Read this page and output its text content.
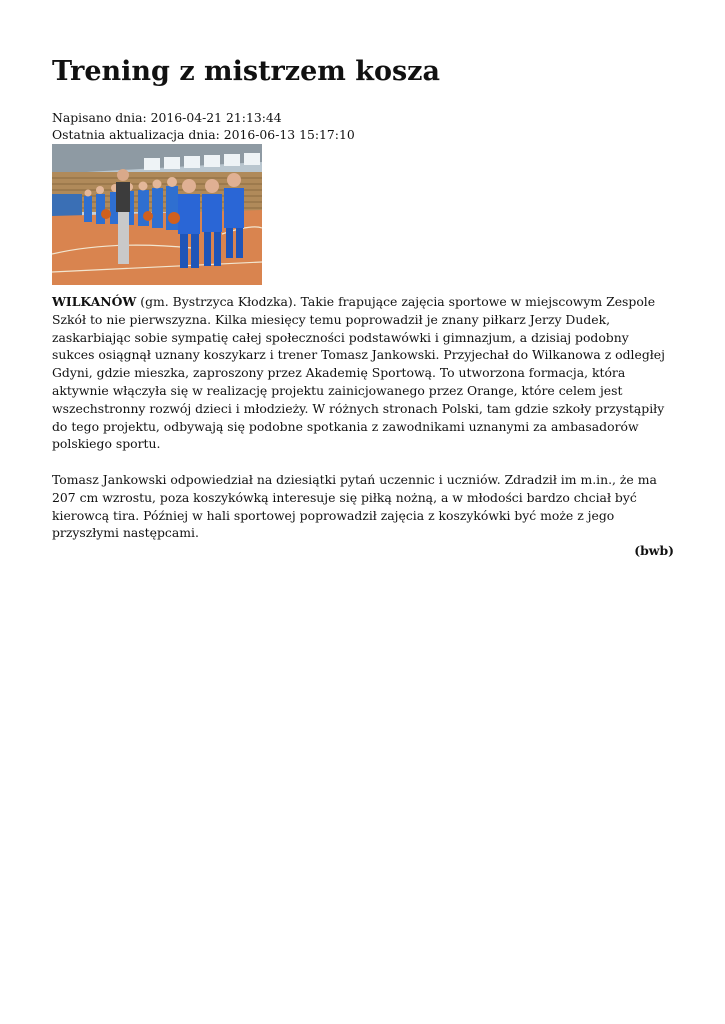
Trening z mistrzem kosza
Napisano dnia: 2016-04-21 21:13:44
Ostatnia aktualizacja dnia: 2016-06-13 15:17:10

WILKANÓW (gm. Bystrzyca Kłodzka). Takie frapujące zajęcia sportowe w miejscowym Zespole Szkół to nie pierwszyzna. Kilka miesięcy temu poprowadził je znany piłkarz Jerzy Dudek, zaskarbiając sobie sympatię całej społeczności podstawówki i gimnazjum, a dzisiaj podobny sukces osiągnął uznany koszykarz i trener Tomasz Jankowski. Przyjechał do Wilkanowa z odległej Gdyni, gdzie mieszka, zaproszony przez Akademię Sportową. To utworzona formacja, która aktywnie włączyła się w realizację projektu zainicjowanego przez Orange, które celem jest wszechstronny rozwój dzieci i młodzieży. W różnych stronach Polski, tam gdzie szkoły przystąpiły do tego projektu, odbywają się podobne spotkania z zawodnikami uznanymi za ambasadorów polskiego sportu.

Tomasz Jankowski odpowiedział na dziesiątki pytań uczennic i uczniów. Zdradził im m.in., że ma 207 cm wzrostu, poza koszykówką interesuje się piłką nożną, a w młodości bardzo chciał być kierowcą tira. Później w hali sportowej poprowadził zajęcia z koszykówki być może z jego przyszłymi następcami.

(bwb)
